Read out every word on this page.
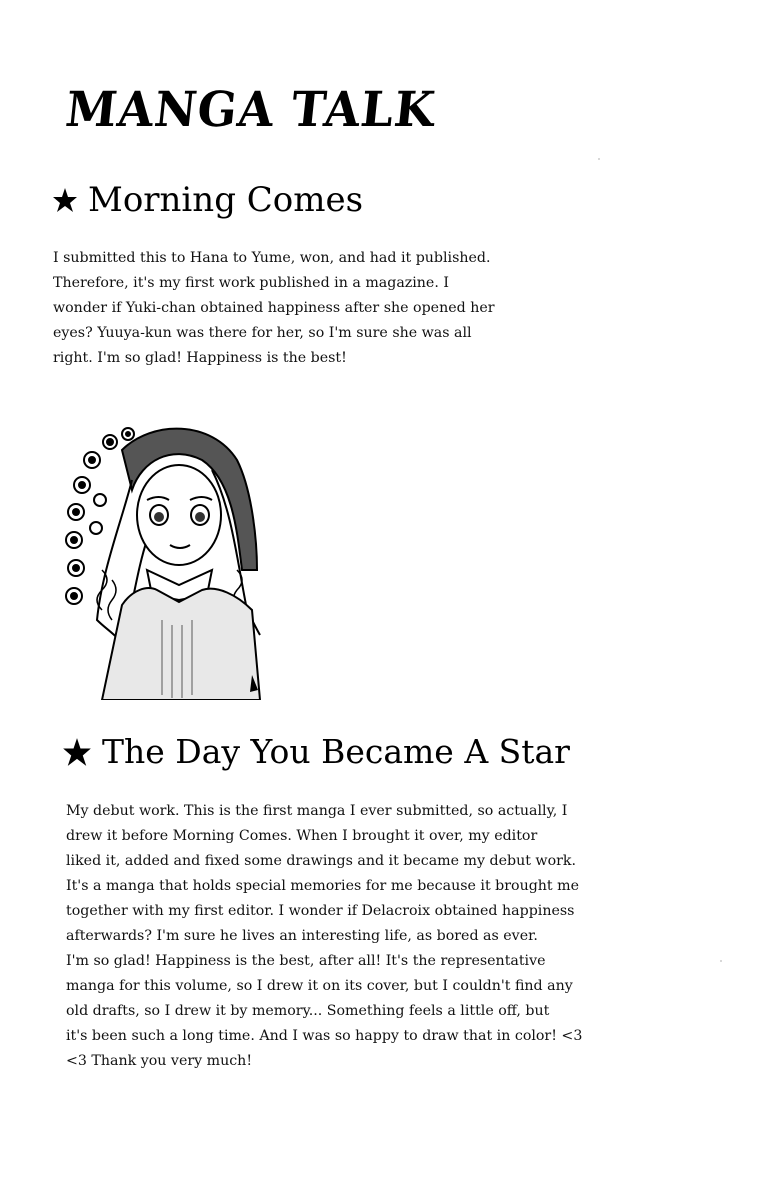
MANGA TALK
Morning Comes
I submitted this to Hana to Yume, won, and had it published.
Therefore, it's my first work published in a magazine. I
wonder if Yuki-chan obtained happiness after she opened her
eyes? Yuuya-kun was there for her, so I'm sure she was all
right. I'm so glad! Happiness is the best!
The Day You Became A Star
My debut work. This is the first manga I ever submitted, so actually, I
drew it before Morning Comes. When I brought it over, my editor
liked it, added and fixed some drawings and it became my debut work.
It's a manga that holds special memories for me because it brought me
together with my first editor. I wonder if Delacroix obtained happiness
afterwards? I'm sure he lives an interesting life, as bored as ever.
I'm so glad! Happiness is the best, after all! It's the representative
manga for this volume, so I drew it on its cover, but I couldn't find any
old drafts, so I drew it by memory... Something feels a little off, but
it's been such a long time. And I was so happy to draw that in color! <3
<3 Thank you very much!
